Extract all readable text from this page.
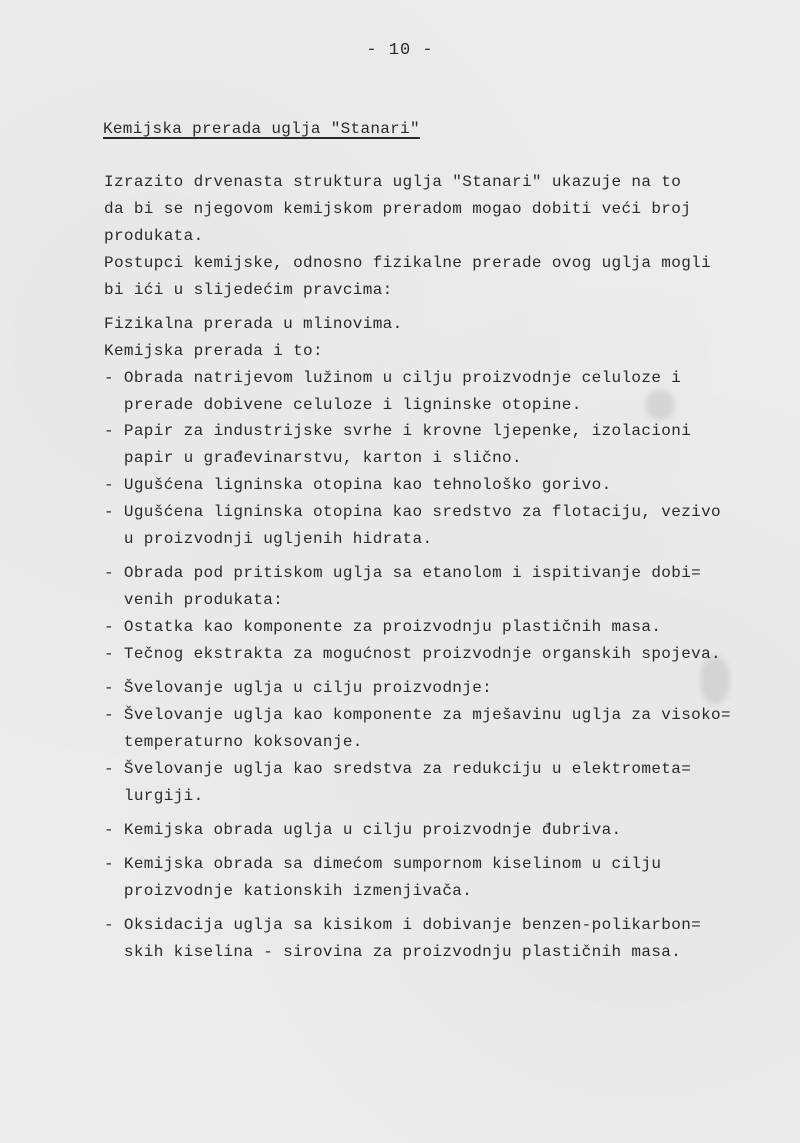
- 10 -
Kemijska prerada uglja "Stanari"
Izrazito drvenasta struktura uglja "Stanari" ukazuje na to
da bi se njegovom kemijskom preradom mogao dobiti veći broj
produkata.
Postupci kemijske, odnosno fizikalne prerade ovog uglja mogli
bi ići u slijedećim pravcima:
Fizikalna prerada u mlinovima.
Kemijska prerada i to:
- Obrada natrijevom lužinom u cilju proizvodnje celuloze i
prerade dobivene celuloze i ligninske otopine.
- Papir za industrijske svrhe i krovne ljepenke, izolacioni
papir u građevinarstvu, karton i slično.
- Ugušćena ligninska otopina kao tehnološko gorivo.
- Ugušćena ligninska otopina kao sredstvo za flotaciju, vezivo
u proizvodnji ugljenih hidrata.
- Obrada pod pritiskom uglja sa etanolom i ispitivanje dobi=
venih produkata:
- Ostatka kao komponente za proizvodnju plastičnih masa.
- Tečnog ekstrakta za mogućnost proizvodnje organskih spojeva.
- Švelovanje uglja u cilju proizvodnje:
- Švelovanje uglja kao komponente za mješavinu uglja za visoko=
temperaturno koksovanje.
- Švelovanje uglja kao sredstva za redukciju u elektrometa=
lurgiji.
- Kemijska obrada uglja u cilju proizvodnje đubriva.
- Kemijska obrada sa dimećom sumpornom kiselinom u cilju
proizvodnje kationskih izmenjivača.
- Oksidacija uglja sa kisikom i dobivanje benzen-polikarbon=
skih kiselina - sirovina za proizvodnju plastičnih masa.
